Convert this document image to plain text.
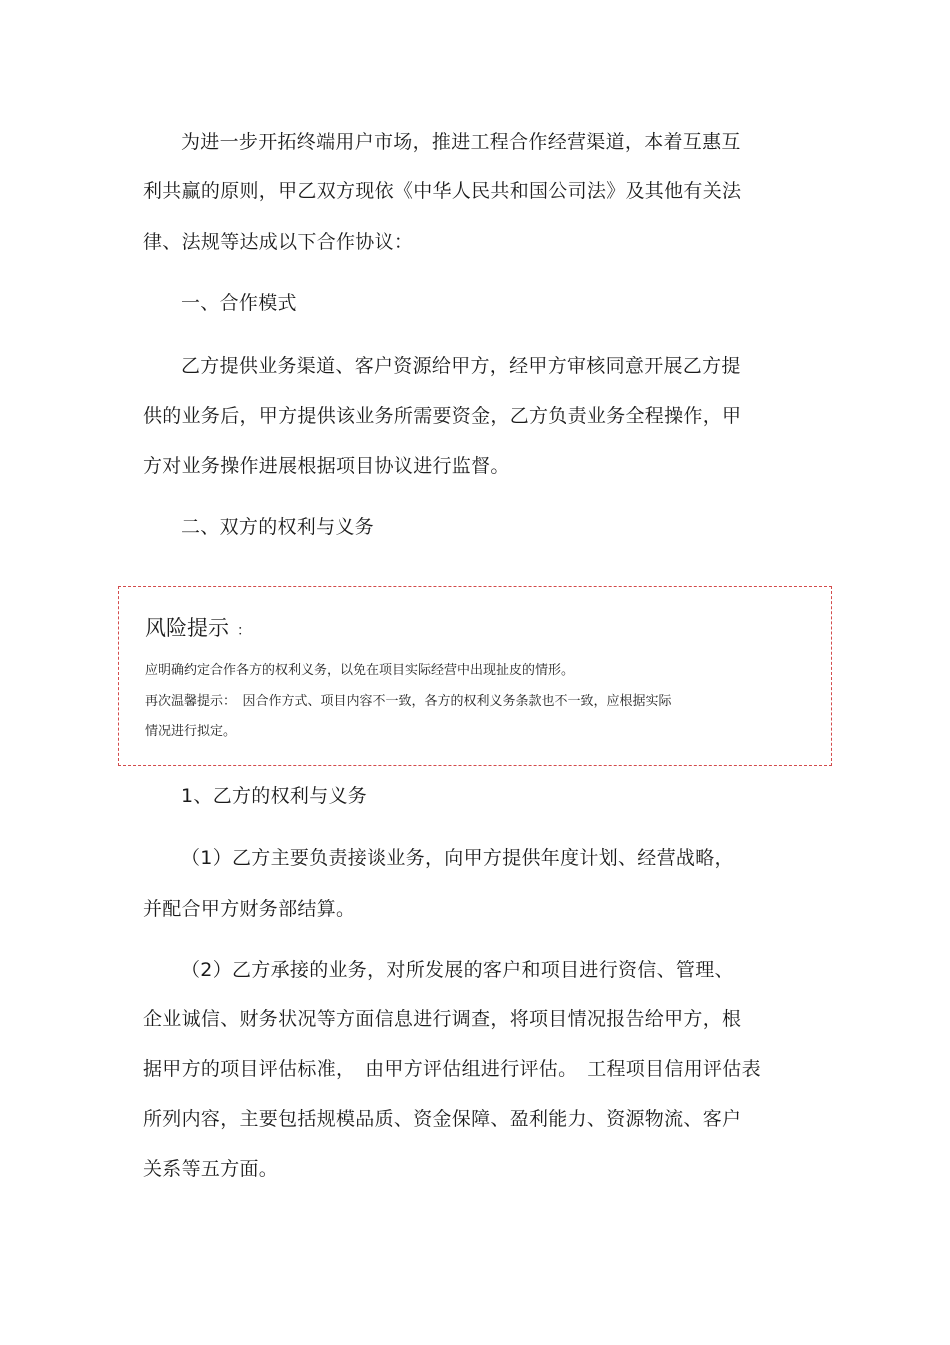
为进一步开拓终端用户市场，推进工程合作经营渠道，本着互惠互
利共赢的原则，甲乙双方现依《中华人民共和国公司法》及其他有关法
律、法规等达成以下合作协议：
一、合作模式
乙方提供业务渠道、客户资源给甲方，经甲方审核同意开展乙方提
供的业务后，甲方提供该业务所需要资金，乙方负责业务全程操作，甲
方对业务操作进展根据项目协议进行监督。
二、双方的权利与义务
风险提示 ：
应明确约定合作各方的权利义务，以免在项目实际经营中出现扯皮的情形。
再次温馨提示：　因合作方式、项目内容不一致，各方的权利义务条款也不一致，应根据实际
情况进行拟定。
1、乙方的权利与义务
（1）乙方主要负责接谈业务，向甲方提供年度计划、经营战略，
并配合甲方财务部结算。
（2）乙方承接的业务，对所发展的客户和项目进行资信、管理、
企业诚信、财务状况等方面信息进行调查，将项目情况报告给甲方，根
据甲方的项目评估标准，　由甲方评估组进行评估。　工程项目信用评估表
所列内容，主要包括规模品质、资金保障、盈利能力、资源物流、客户
关系等五方面。
